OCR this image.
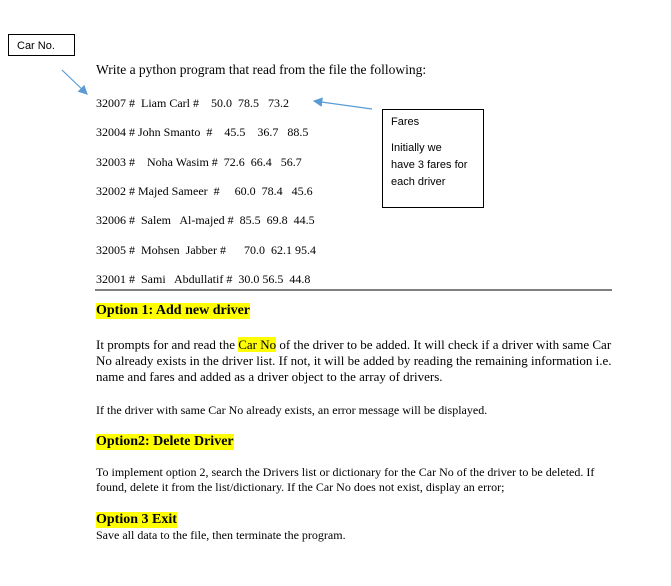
Car No.
Fares
Initially we
have 3 fares for
each driver
Write a python program that read from the file the following:
32007 #  Liam Carl #    50.0  78.5   73.2
32004 # John Smanto  #    45.5    36.7   88.5
32003 #    Noha Wasim #  72.6  66.4   56.7
32002 # Majed Sameer  #     60.0  78.4   45.6
32006 #  Salem   Al-majed #  85.5  69.8  44.5
32005 #  Mohsen  Jabber #      70.0  62.1 95.4
32001 #  Sami   Abdullatif #  30.0 56.5  44.8
Option 1: Add new driver
It prompts for and read the Car No of the driver to be added. It will check if a driver with same Car No already exists in the driver list. If not, it will be added by reading the remaining information i.e. name and fares and added as a driver object to the array of drivers.
If the driver with same Car No already exists, an error message will be displayed.
Option2: Delete Driver
To implement option 2, search the Drivers list or dictionary for the Car No of the driver to be deleted. If found, delete it from the list/dictionary. If the Car No does not exist, display an error;
Option 3 Exit
Save all data to the file, then terminate the program.
